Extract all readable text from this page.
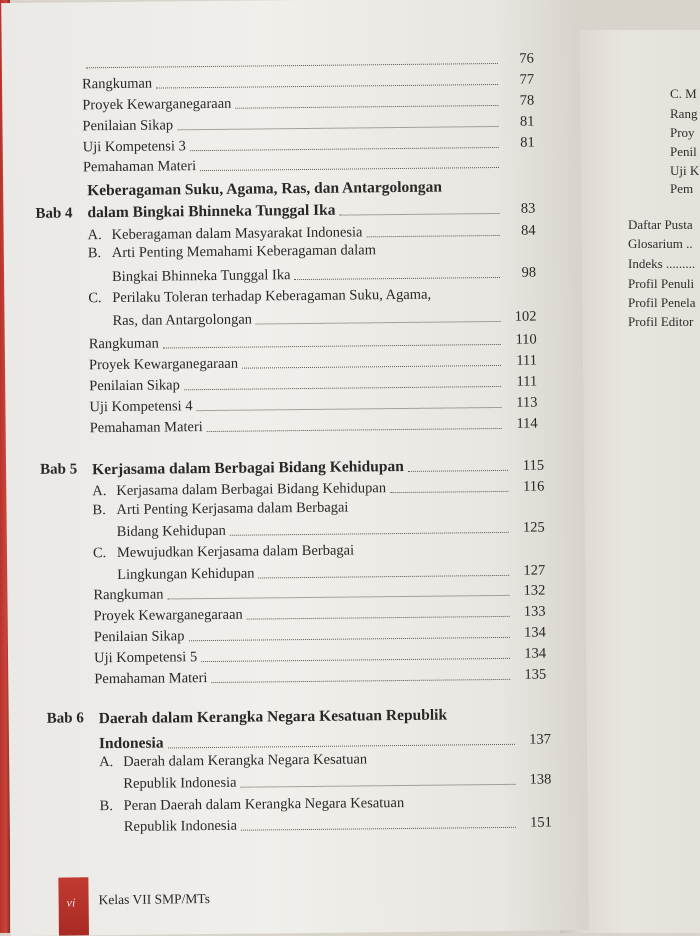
C. M
Rang
Proy
Penil
Uji K
Pem
Daftar Pusta
Glosarium ..
Indeks .........
Profil Penuli
Profil Penela
Profil Editor
76
Rangkuman	77
Proyek Kewarganegaraan	78
Penilaian Sikap	81
Uji Kompetensi 3	81
Pemahaman Materi
Bab 4
Keberagaman Suku, Agama, Ras, dan Antargolongan
dalam Bingkai Bhinneka Tunggal Ika	83
A. Keberagaman dalam Masyarakat Indonesia	84
B. Arti Penting Memahami Keberagaman dalam
Bingkai Bhinneka Tunggal Ika	98
C. Perilaku Toleran terhadap Keberagaman Suku, Agama,
Ras, dan Antargolongan	102
Rangkuman	110
Proyek Kewarganegaraan	111
Penilaian Sikap	111
Uji Kompetensi 4	113
Pemahaman Materi	114
Bab 5 Kerjasama dalam Berbagai Bidang Kehidupan	115
A. Kerjasama dalam Berbagai Bidang Kehidupan	116
B. Arti Penting Kerjasama dalam Berbagai
Bidang Kehidupan	125
C. Mewujudkan Kerjasama dalam Berbagai
Lingkungan Kehidupan	127
Rangkuman	132
Proyek Kewarganegaraan	133
Penilaian Sikap	134
Uji Kompetensi 5	134
Pemahaman Materi	135
Bab 6 Daerah dalam Kerangka Negara Kesatuan Republik
Indonesia	137
A. Daerah dalam Kerangka Negara Kesatuan
Republik Indonesia	138
B. Peran Daerah dalam Kerangka Negara Kesatuan
Republik Indonesia	151
vi Kelas VII SMP/MTs
